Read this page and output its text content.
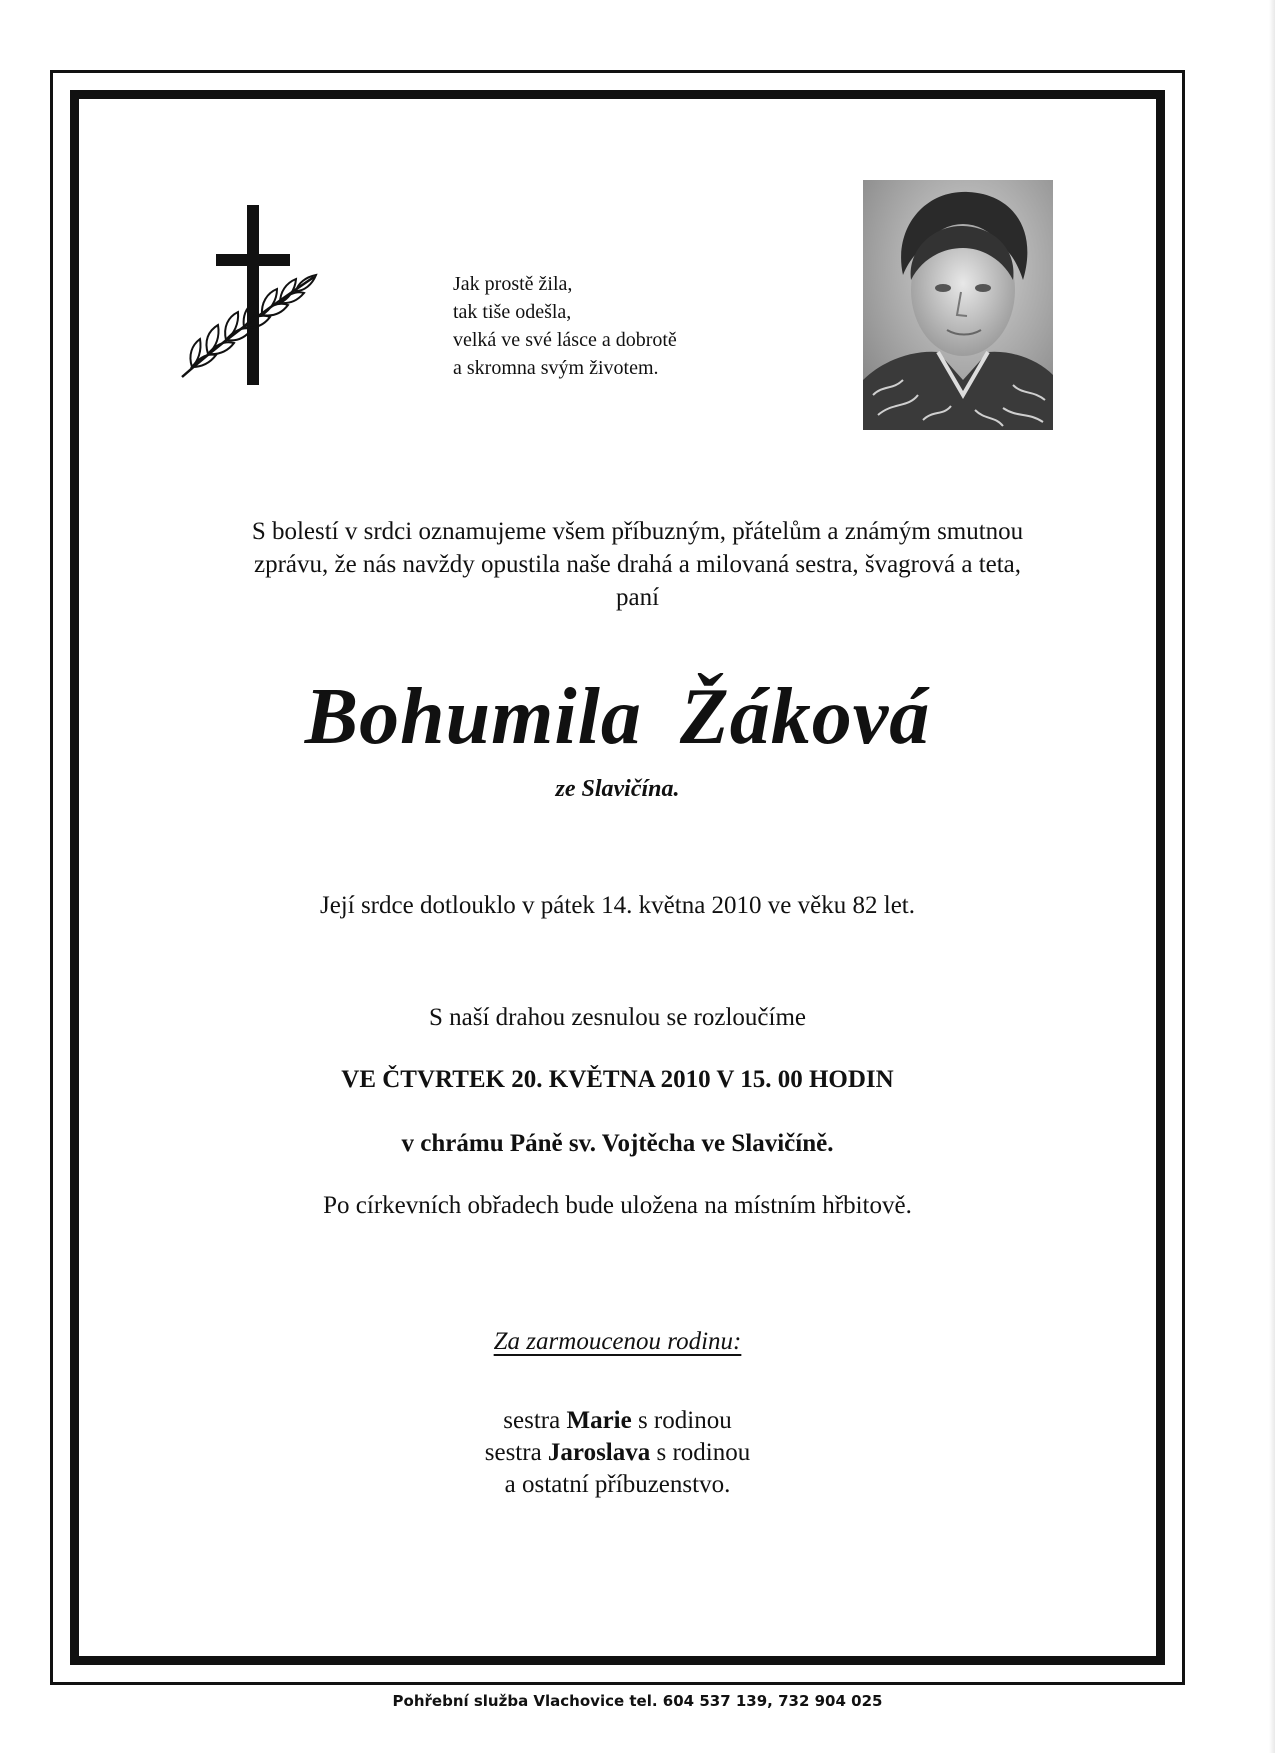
Jak prostě žila,
tak tiše odešla,
velká ve své lásce a dobrotě
a skromna svým životem.
S bolestí v srdci oznamujeme všem příbuzným, přátelům a známým smutnou
zprávu, že nás navždy opustila naše drahá a milovaná sestra, švagrová a teta,
paní
Bohumila Žáková
ze Slavičína.
Její srdce dotlouklo v pátek 14. května 2010 ve věku 82 let.
S naší drahou zesnulou se rozloučíme
VE ČTVRTEK 20. KVĚTNA 2010 V 15. 00 HODIN
v chrámu Páně sv. Vojtěcha ve Slavičíně.
Po církevních obřadech bude uložena na místním hřbitově.
Za zarmoucenou rodinu:
sestra Marie s rodinou
sestra Jaroslava s rodinou
a ostatní příbuzenstvo.
Pohřební služba Vlachovice tel. 604 537 139, 732 904 025
